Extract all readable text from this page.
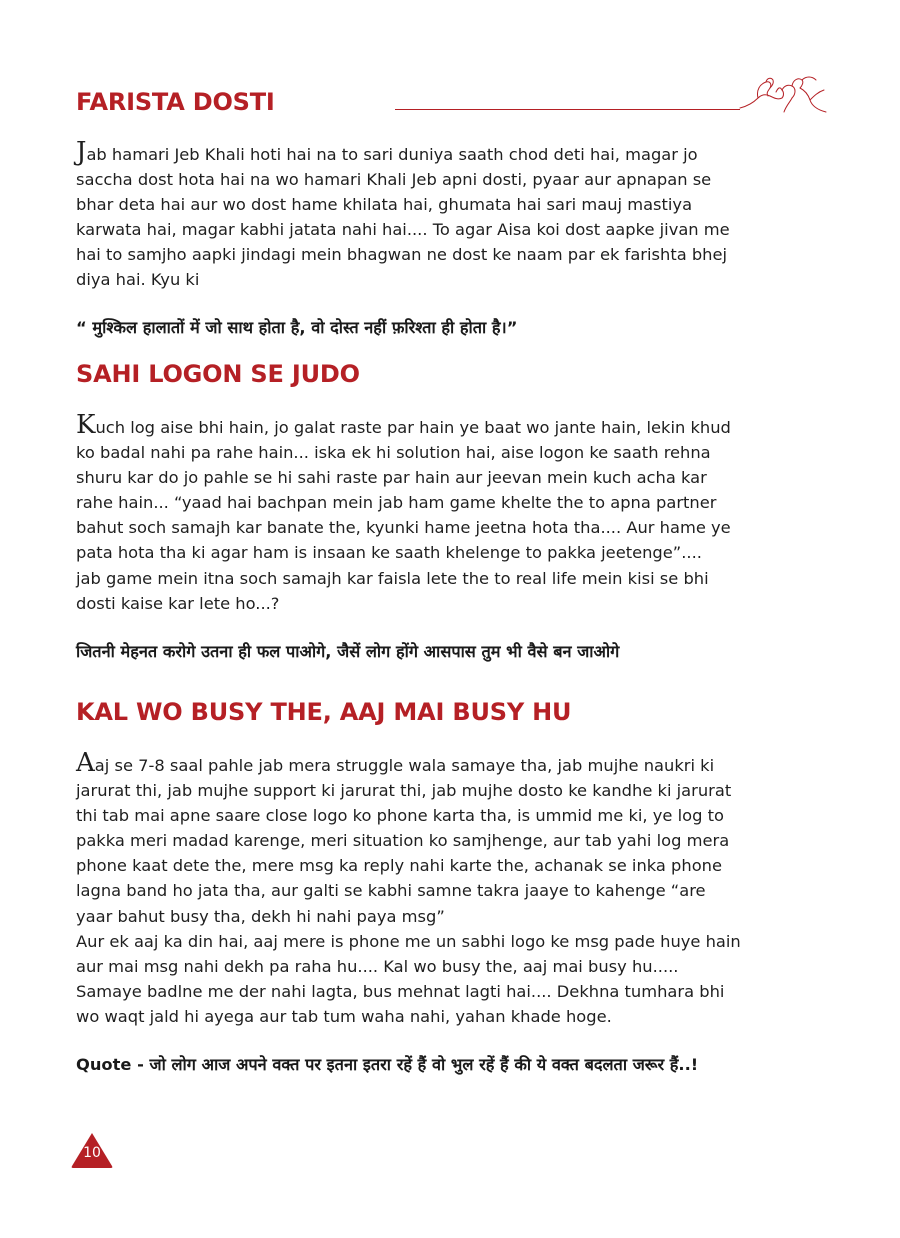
FARISTA DOSTI
Jab hamari Jeb Khali hoti hai na to sari duniya saath chod deti hai, magar jo
saccha dost hota hai na wo hamari Khali Jeb apni dosti, pyaar aur apnapan se
bhar deta hai aur wo dost hame khilata hai, ghumata hai sari mauj mastiya
karwata hai, magar kabhi jatata nahi hai.... To agar Aisa koi dost aapke jivan me
hai to samjho aapki jindagi mein bhagwan ne dost ke naam par ek farishta bhej
diya hai. Kyu ki
“ मुश्किल हालातों में जो साथ होता है, वो दोस्त नहीं फ़रिश्ता ही होता है।”
SAHI LOGON SE JUDO
Kuch log aise bhi hain, jo galat raste par hain ye baat wo jante hain, lekin khud
ko badal nahi pa rahe hain... iska ek hi solution hai, aise logon ke saath rehna
shuru kar do jo pahle se hi sahi raste par hain aur jeevan mein kuch acha kar
rahe hain... “yaad hai bachpan mein jab ham game khelte the to apna partner
bahut soch samajh kar banate the, kyunki hame jeetna hota tha.... Aur hame ye
pata hota tha ki agar ham is insaan ke saath khelenge to pakka jeetenge”....
jab game mein itna soch samajh kar faisla lete the to real life mein kisi se bhi
dosti kaise kar lete ho...?
जितनी मेहनत करोगे उतना ही फल पाओगे, जैसें लोग होंगे आसपास तुम भी वैसे बन जाओगे
KAL WO BUSY THE, AAJ MAI BUSY HU
Aaj se 7-8 saal pahle jab mera struggle wala samaye tha, jab mujhe naukri ki
jarurat thi, jab mujhe support ki jarurat thi, jab mujhe dosto ke kandhe ki jarurat
thi tab mai apne saare close logo ko phone karta tha, is ummid me ki, ye log to
pakka meri madad karenge, meri situation ko samjhenge, aur tab yahi log mera
phone kaat dete the, mere msg ka reply nahi karte the, achanak se inka phone
lagna band ho jata tha, aur galti se kabhi samne takra jaaye to kahenge “are
yaar bahut busy tha, dekh hi nahi paya msg”
Aur ek aaj ka din hai, aaj mere is phone me un sabhi logo ke msg pade huye hain
aur mai msg nahi dekh pa raha hu.... Kal wo busy the, aaj mai busy hu.....
Samaye badlne me der nahi lagta, bus mehnat lagti hai.... Dekhna tumhara bhi
wo waqt jald hi ayega aur tab tum waha nahi, yahan khade hoge.
Quote - जो लोग आज अपने वक्त पर इतना इतरा रहें हैं वो भुल रहें हैं की ये वक्त बदलता जरूर हैं..!
10
